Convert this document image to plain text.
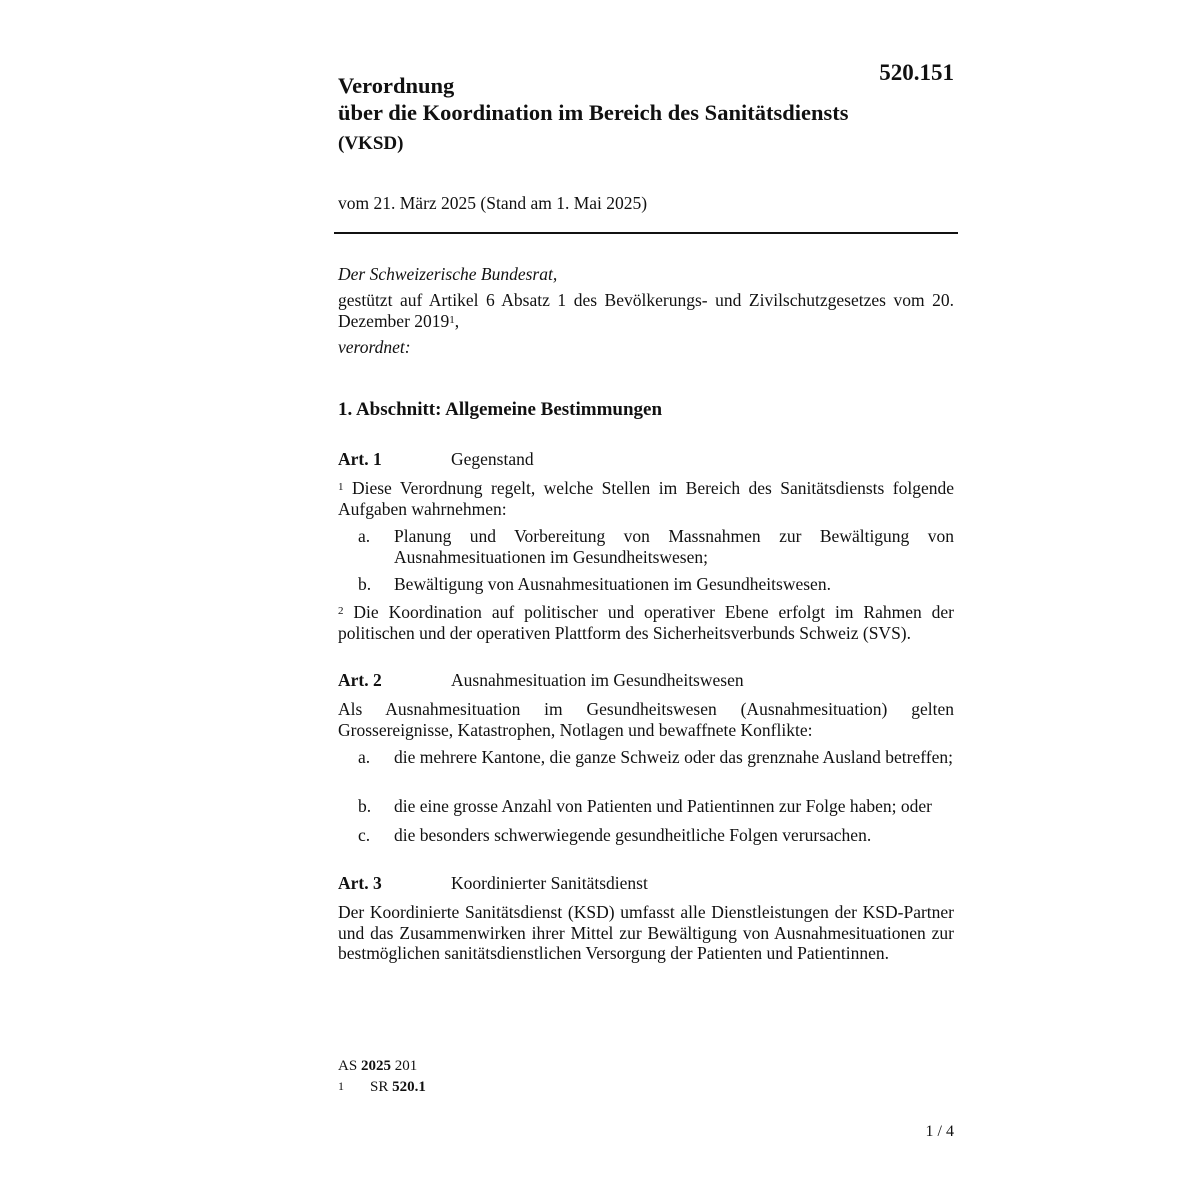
520.151
Verordnung
über die Koordination im Bereich des Sanitätsdiensts
(VKSD)
vom 21. März 2025 (Stand am 1. Mai 2025)
Der Schweizerische Bundesrat,
gestützt auf Artikel 6 Absatz 1 des Bevölkerungs- und Zivilschutzgesetzes vom 20. Dezember 2019$^1$,
verordnet:
1. Abschnitt: Allgemeine Bestimmungen
Art. 1	Gegenstand
$^1$ Diese Verordnung regelt, welche Stellen im Bereich des Sanitätsdiensts folgende Aufgaben wahrnehmen:
a. Planung und Vorbereitung von Massnahmen zur Bewältigung von Ausnahmesituationen im Gesundheitswesen;
b. Bewältigung von Ausnahmesituationen im Gesundheitswesen.
$^2$ Die Koordination auf politischer und operativer Ebene erfolgt im Rahmen der politischen und der operativen Plattform des Sicherheitsverbunds Schweiz (SVS).
Art. 2	Ausnahmesituation im Gesundheitswesen
Als Ausnahmesituation im Gesundheitswesen (Ausnahmesituation) gelten Grossereignisse, Katastrophen, Notlagen und bewaffnete Konflikte:
a. die mehrere Kantone, die ganze Schweiz oder das grenznahe Ausland betreffen;
b. die eine grosse Anzahl von Patienten und Patientinnen zur Folge haben; oder
c. die besonders schwerwiegende gesundheitliche Folgen verursachen.
Art. 3	Koordinierter Sanitätsdienst
Der Koordinierte Sanitätsdienst (KSD) umfasst alle Dienstleistungen der KSD-Partner und das Zusammenwirken ihrer Mittel zur Bewältigung von Ausnahmesituationen zur bestmöglichen sanitätsdienstlichen Versorgung der Patienten und Patientinnen.
AS 2025 201
1 SR 520.1
1 / 4
